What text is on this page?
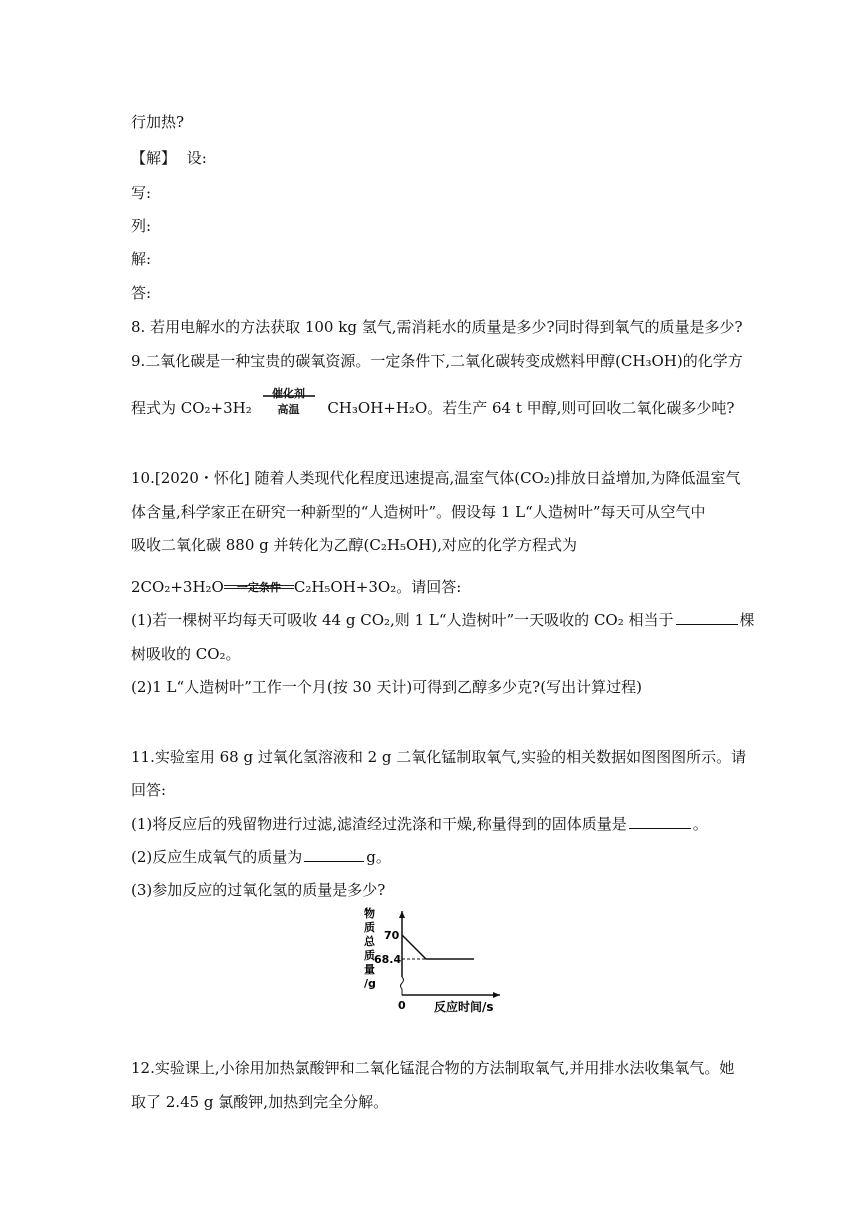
行加热?
【解】 设:
写:
列:
解:
答:
8. 若用电解水的方法获取 100 kg 氢气,需消耗水的质量是多少?同时得到氧气的质量是多少?
9.二氧化碳是一种宝贵的碳氧资源。一定条件下,二氧化碳转变成燃料甲醇(CH₃OH)的化学方
程式为 CO₂+3H₂
催化剂
高温	CH₃OH+H₂O。若生产 64 t 甲醇,则可回收二氧化碳多少吨?
10.[2020・怀化] 随着人类现代化程度迅速提高,温室气体(CO₂)排放日益增加,为降低温室气
体含量,科学家正在研究一种新型的“人造树叶”。假设每 1 L“人造树叶”每天可从空气中
吸收二氧化碳 880 g 并转化为乙醇(C₂H₅OH),对应的化学方程式为
2CO₂+3H₂O	一定条件 C₂H₅OH+3O₂。请回答:
(1)若一棵树平均每天可吸收 44 g CO₂,则 1 L“人造树叶”一天吸收的 CO₂ 相当于	棵
树吸收的 CO₂。
(2)1 L“人造树叶”工作一个月(按 30 天计)可得到乙醇多少克?(写出计算过程)
11.实验室用 68 g 过氧化氢溶液和 2 g 二氧化锰制取氧气,实验的相关数据如图图图所示。请
回答:
(1)将反应后的残留物进行过滤,滤渣经过洗涤和干燥,称量得到的固体质量是	。
(2)反应生成氧气的质量为	g。
(3)参加反应的过氧化氢的质量是多少?
物
质
总
质
量
/g
70
68.4
0 反应时间/s
12.实验课上,小徐用加热氯酸钾和二氧化锰混合物的方法制取氧气,并用排水法收集氧气。她
取了 2.45 g 氯酸钾,加热到完全分解。
